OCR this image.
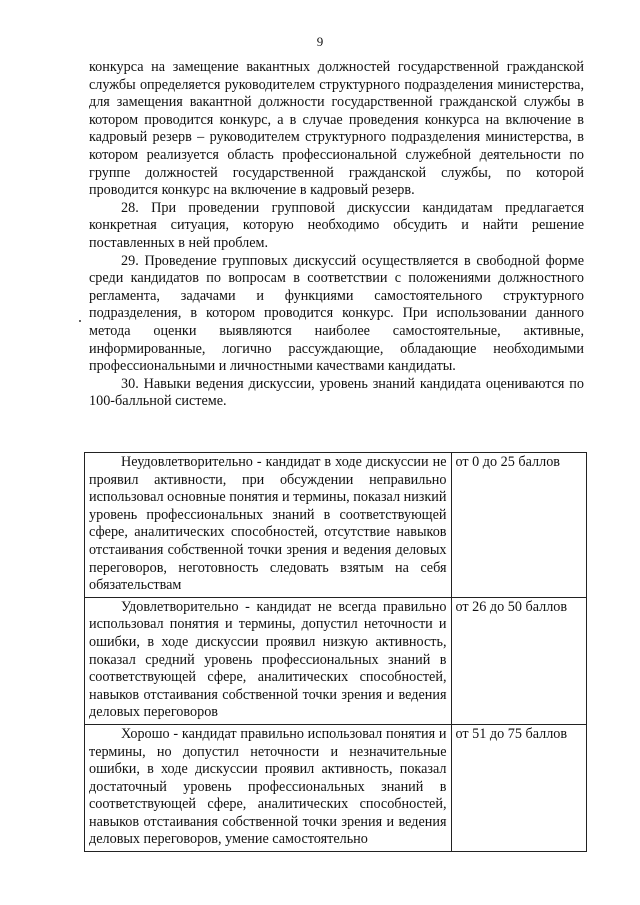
9

конкурса на замещение вакантных должностей государственной гражданской службы определяется руководителем структурного подразделения министерства, для замещения вакантной должности государственной гражданской службы в котором проводится конкурс, а в случае проведения конкурса на включение в кадровый резерв – руководителем структурного подразделения министерства, в котором реализуется область профессиональной служебной деятельности по группе должностей государственной гражданской службы, по которой проводится конкурс на включение в кадровый резерв.

28. При проведении групповой дискуссии кандидатам предлагается конкретная ситуация, которую необходимо обсудить и найти решение поставленных в ней проблем.

29. Проведение групповых дискуссий осуществляется в свободной форме среди кандидатов по вопросам в соответствии с положениями должностного регламента, задачами и функциями самостоятельного структурного подразделения, в котором проводится конкурс. При использовании данного метода оценки выявляются наиболее самостоятельные, активные, информированные, логично рассуждающие, обладающие необходимыми профессиональными и личностными качествами кандидаты.

30. Навыки ведения дискуссии, уровень знаний кандидата оцениваются по 100-балльной системе.

Неудовлетворительно - кандидат в ходе дискуссии не проявил активности, при обсуждении неправильно использовал основные понятия и термины, показал низкий уровень профессиональных знаний в соответствующей сфере, аналитических способностей, отсутствие навыков отстаивания собственной точки зрения и ведения деловых переговоров, неготовность следовать взятым на себя обязательствам	от 0 до 25 баллов

Удовлетворительно - кандидат не всегда правильно использовал понятия и термины, допустил неточности и ошибки, в ходе дискуссии проявил низкую активность, показал средний уровень профессиональных знаний в соответствующей сфере, аналитических способностей, навыков отстаивания собственной точки зрения и ведения деловых переговоров	от 26 до 50 баллов

Хорошо - кандидат правильно использовал понятия и термины, но допустил неточности и незначительные ошибки, в ходе дискуссии проявил активность, показал достаточный уровень профессиональных знаний в соответствующей сфере, аналитических способностей, навыков отстаивания собственной точки зрения и ведения деловых переговоров, умение самостоятельно	от 51 до 75 баллов
